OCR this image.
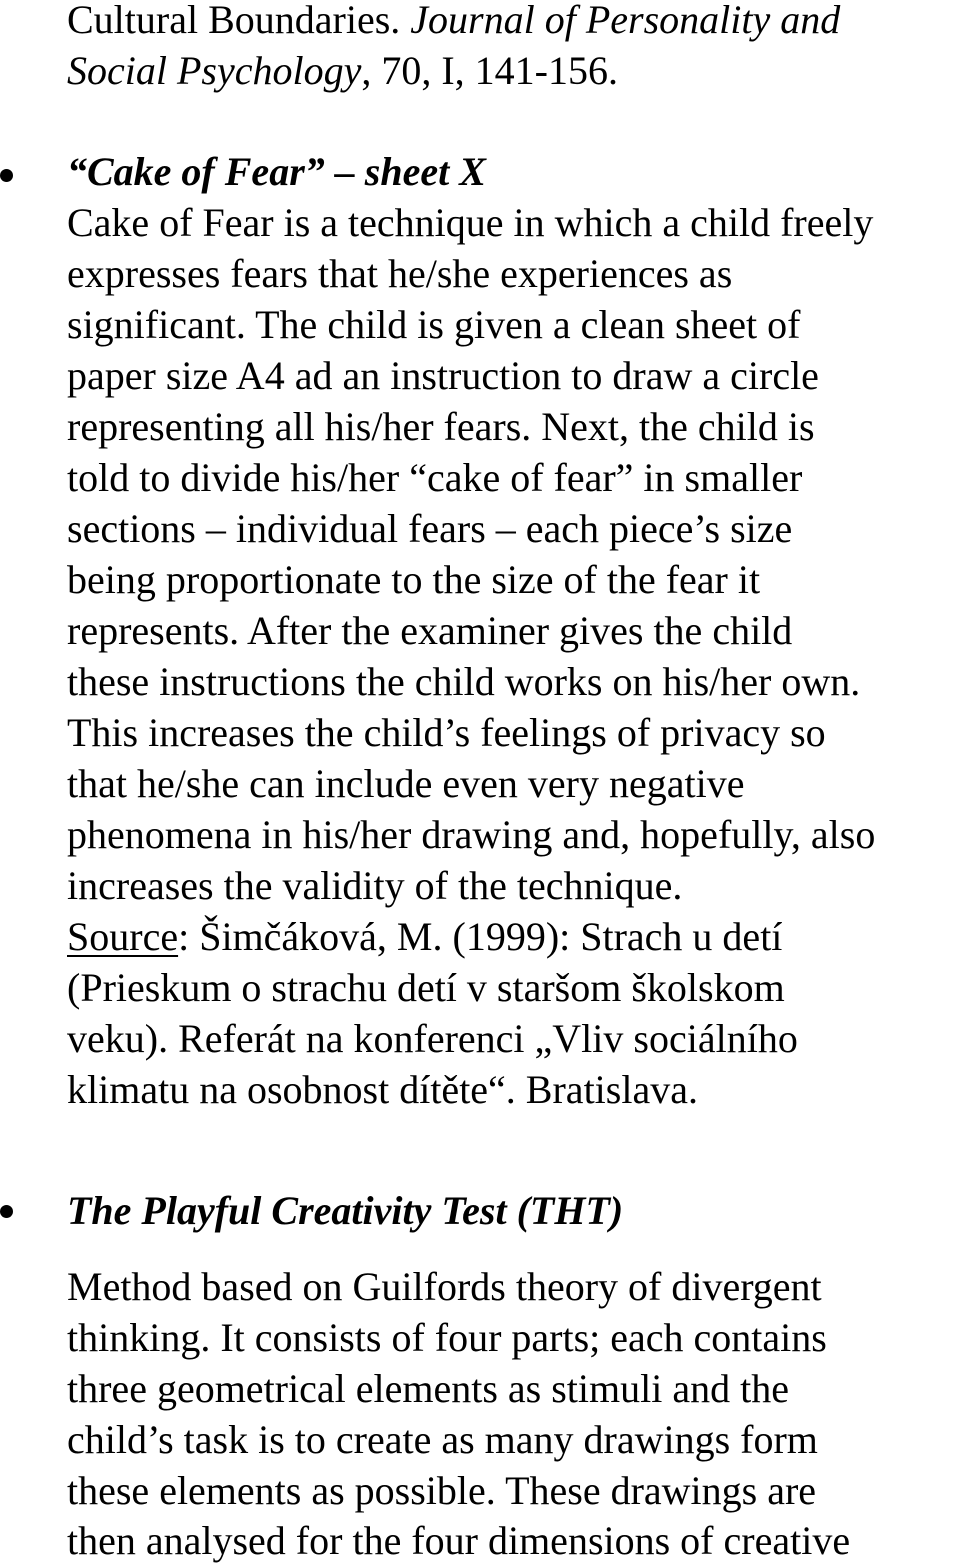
Cultural Boundaries. Journal of Personality and

Social Psychology, 70, I, 141-156.

“Cake of Fear” – sheet X

Cake of Fear is a technique in which a child freely

expresses fears that he/she experiences as

significant. The child is given a clean sheet of

paper size A4 ad an instruction to draw a circle

representing all his/her fears. Next, the child is

told to divide his/her “cake of fear” in smaller

sections – individual fears – each piece’s size

being proportionate to the size of the fear it

represents. After the examiner gives the child

these instructions the child works on his/her own.

This increases the child’s feelings of privacy so

that he/she can include even very negative

phenomena in his/her drawing and, hopefully, also

increases the validity of the technique.

Source: Šimčáková, M. (1999): Strach u detí

(Prieskum o strachu detí v staršom školskom

veku). Referát na konferenci „Vliv sociálního

klimatu na osobnost dítěte“. Bratislava.

The Playful Creativity Test (THT)

Method based on Guilfords theory of divergent

thinking. It consists of four parts; each contains

three geometrical elements as stimuli and the

child’s task is to create as many drawings form

these elements as possible. These drawings are

then analysed for the four dimensions of creative
